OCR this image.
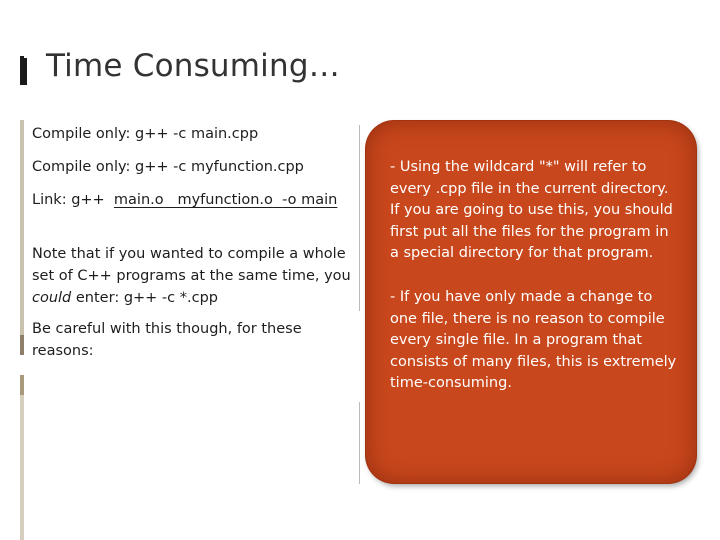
Time Consuming…
Compile only: g++ -c main.cpp
Compile only: g++ -c myfunction.cpp
Link: g++  main.o myfunction.o -o main
Note that if you wanted to compile a whole set of C++ programs at the same time, you could enter: g++ -c *.cpp
Be careful with this though, for these reasons:
- Using the wildcard "*" will refer to every .cpp file in the current directory. If you are going to use this, you should first put all the files for the program in a special directory for that program.
- If you have only made a change to one file, there is no reason to compile every single file. In a program that consists of many files, this is extremely time-consuming.
